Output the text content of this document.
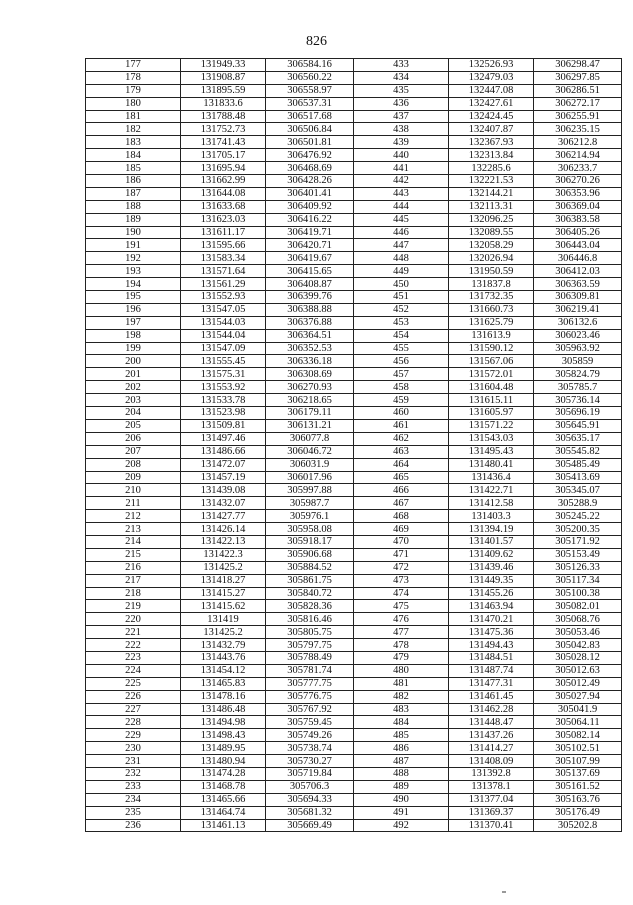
826
177	131949.33	306584.16	433	132526.93	306298.47
178	131908.87	306560.22	434	132479.03	306297.85
179	131895.59	306558.97	435	132447.08	306286.51
180	131833.6	306537.31	436	132427.61	306272.17
181	131788.48	306517.68	437	132424.45	306255.91
182	131752.73	306506.84	438	132407.87	306235.15
183	131741.43	306501.81	439	132367.93	306212.8
184	131705.17	306476.92	440	132313.84	306214.94
185	131695.94	306468.69	441	132285.6	306233.7
186	131662.99	306428.26	442	132221.53	306270.26
187	131644.08	306401.41	443	132144.21	306353.96
188	131633.68	306409.92	444	132113.31	306369.04
189	131623.03	306416.22	445	132096.25	306383.58
190	131611.17	306419.71	446	132089.55	306405.26
191	131595.66	306420.71	447	132058.29	306443.04
192	131583.34	306419.67	448	132026.94	306446.8
193	131571.64	306415.65	449	131950.59	306412.03
194	131561.29	306408.87	450	131837.8	306363.59
195	131552.93	306399.76	451	131732.35	306309.81
196	131547.05	306388.88	452	131660.73	306219.41
197	131544.03	306376.88	453	131625.79	306132.6
198	131544.04	306364.51	454	131613.9	306023.46
199	131547.09	306352.53	455	131590.12	305963.92
200	131555.45	306336.18	456	131567.06	305859
201	131575.31	306308.69	457	131572.01	305824.79
202	131553.92	306270.93	458	131604.48	305785.7
203	131533.78	306218.65	459	131615.11	305736.14
204	131523.98	306179.11	460	131605.97	305696.19
205	131509.81	306131.21	461	131571.22	305645.91
206	131497.46	306077.8	462	131543.03	305635.17
207	131486.66	306046.72	463	131495.43	305545.82
208	131472.07	306031.9	464	131480.41	305485.49
209	131457.19	306017.96	465	131436.4	305413.69
210	131439.08	305997.88	466	131422.71	305345.07
211	131432.07	305987.7	467	131412.58	305288.9
212	131427.77	305976.1	468	131403.3	305245.22
213	131426.14	305958.08	469	131394.19	305200.35
214	131422.13	305918.17	470	131401.57	305171.92
215	131422.3	305906.68	471	131409.62	305153.49
216	131425.2	305884.52	472	131439.46	305126.33
217	131418.27	305861.75	473	131449.35	305117.34
218	131415.27	305840.72	474	131455.26	305100.38
219	131415.62	305828.36	475	131463.94	305082.01
220	131419	305816.46	476	131470.21	305068.76
221	131425.2	305805.75	477	131475.36	305053.46
222	131432.79	305797.75	478	131494.43	305042.83
223	131443.76	305788.49	479	131484.51	305028.12
224	131454.12	305781.74	480	131487.74	305012.63
225	131465.83	305777.75	481	131477.31	305012.49
226	131478.16	305776.75	482	131461.45	305027.94
227	131486.48	305767.92	483	131462.28	305041.9
228	131494.98	305759.45	484	131448.47	305064.11
229	131498.43	305749.26	485	131437.26	305082.14
230	131489.95	305738.74	486	131414.27	305102.51
231	131480.94	305730.27	487	131408.09	305107.99
232	131474.28	305719.84	488	131392.8	305137.69
233	131468.78	305706.3	489	131378.1	305161.52
234	131465.66	305694.33	490	131377.04	305163.76
235	131464.74	305681.32	491	131369.37	305176.49
236	131461.13	305669.49	492	131370.41	305202.8
